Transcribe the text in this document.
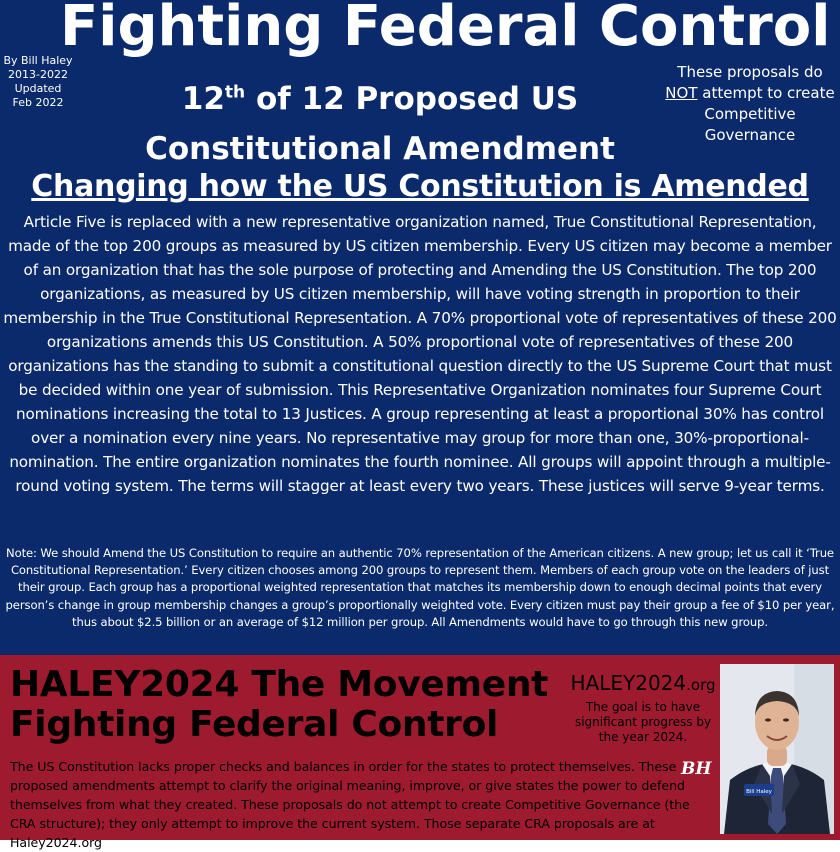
Fighting Federal Control
By Bill Haley
2013-2022
Updated
Feb 2022	12th of 12 Proposed US
Constitutional Amendment
These proposals do
NOT attempt to create Competitive Governance
Changing how the US Constitution is Amended
Article Five is replaced with a new representative organization named, True Constitutional Representation, made of the top 200 groups as measured by US citizen membership. Every US citizen may become a member of an organization that has the sole purpose of protecting and Amending the US Constitution. The top 200 organizations, as measured by US citizen membership, will have voting strength in proportion to their membership in the True Constitutional Representation. A 70% proportional vote of representatives of these 200 organizations amends this US Constitution. A 50% proportional vote of representatives of these 200 organizations has the standing to submit a constitutional question directly to the US Supreme Court that must be decided within one year of submission. This Representative Organization nominates four Supreme Court nominations increasing the total to 13 Justices. A group representing at least a proportional 30% has control over a nomination every nine years. No representative may group for more than one, 30%-proportional-nomination. The entire organization nominates the fourth nominee. All groups will appoint through a multiple-round voting system. The terms will stagger at least every two years. These justices will serve 9-year terms.
Note: We should Amend the US Constitution to require an authentic 70% representation of the American citizens. A new group; let us call it ‘True Constitutional Representation.’ Every citizen chooses among 200 groups to represent them. Members of each group vote on the leaders of just their group. Each group has a proportional weighted representation that matches its membership down to enough decimal points that every person’s change in group membership changes a group’s proportionally weighted vote. Every citizen must pay their group a fee of $10 per year, thus about $2.5 billion or an average of $12 million per group. All Amendments would have to go through this new group.
HALEY2024 The Movement
Fighting Federal Control
HALEY2024.org
The goal is to have significant progress by the year 2024.
The US Constitution lacks proper checks and balances in order for the states to protect themselves. These proposed amendments attempt to clarify the original meaning, improve, or give states the power to defend themselves from what they created. These proposals do not attempt to create Competitive Governance (the CRA structure); they only attempt to improve the current system. Those separate CRA proposals are at Haley2024.org
BH
Bill Haley
